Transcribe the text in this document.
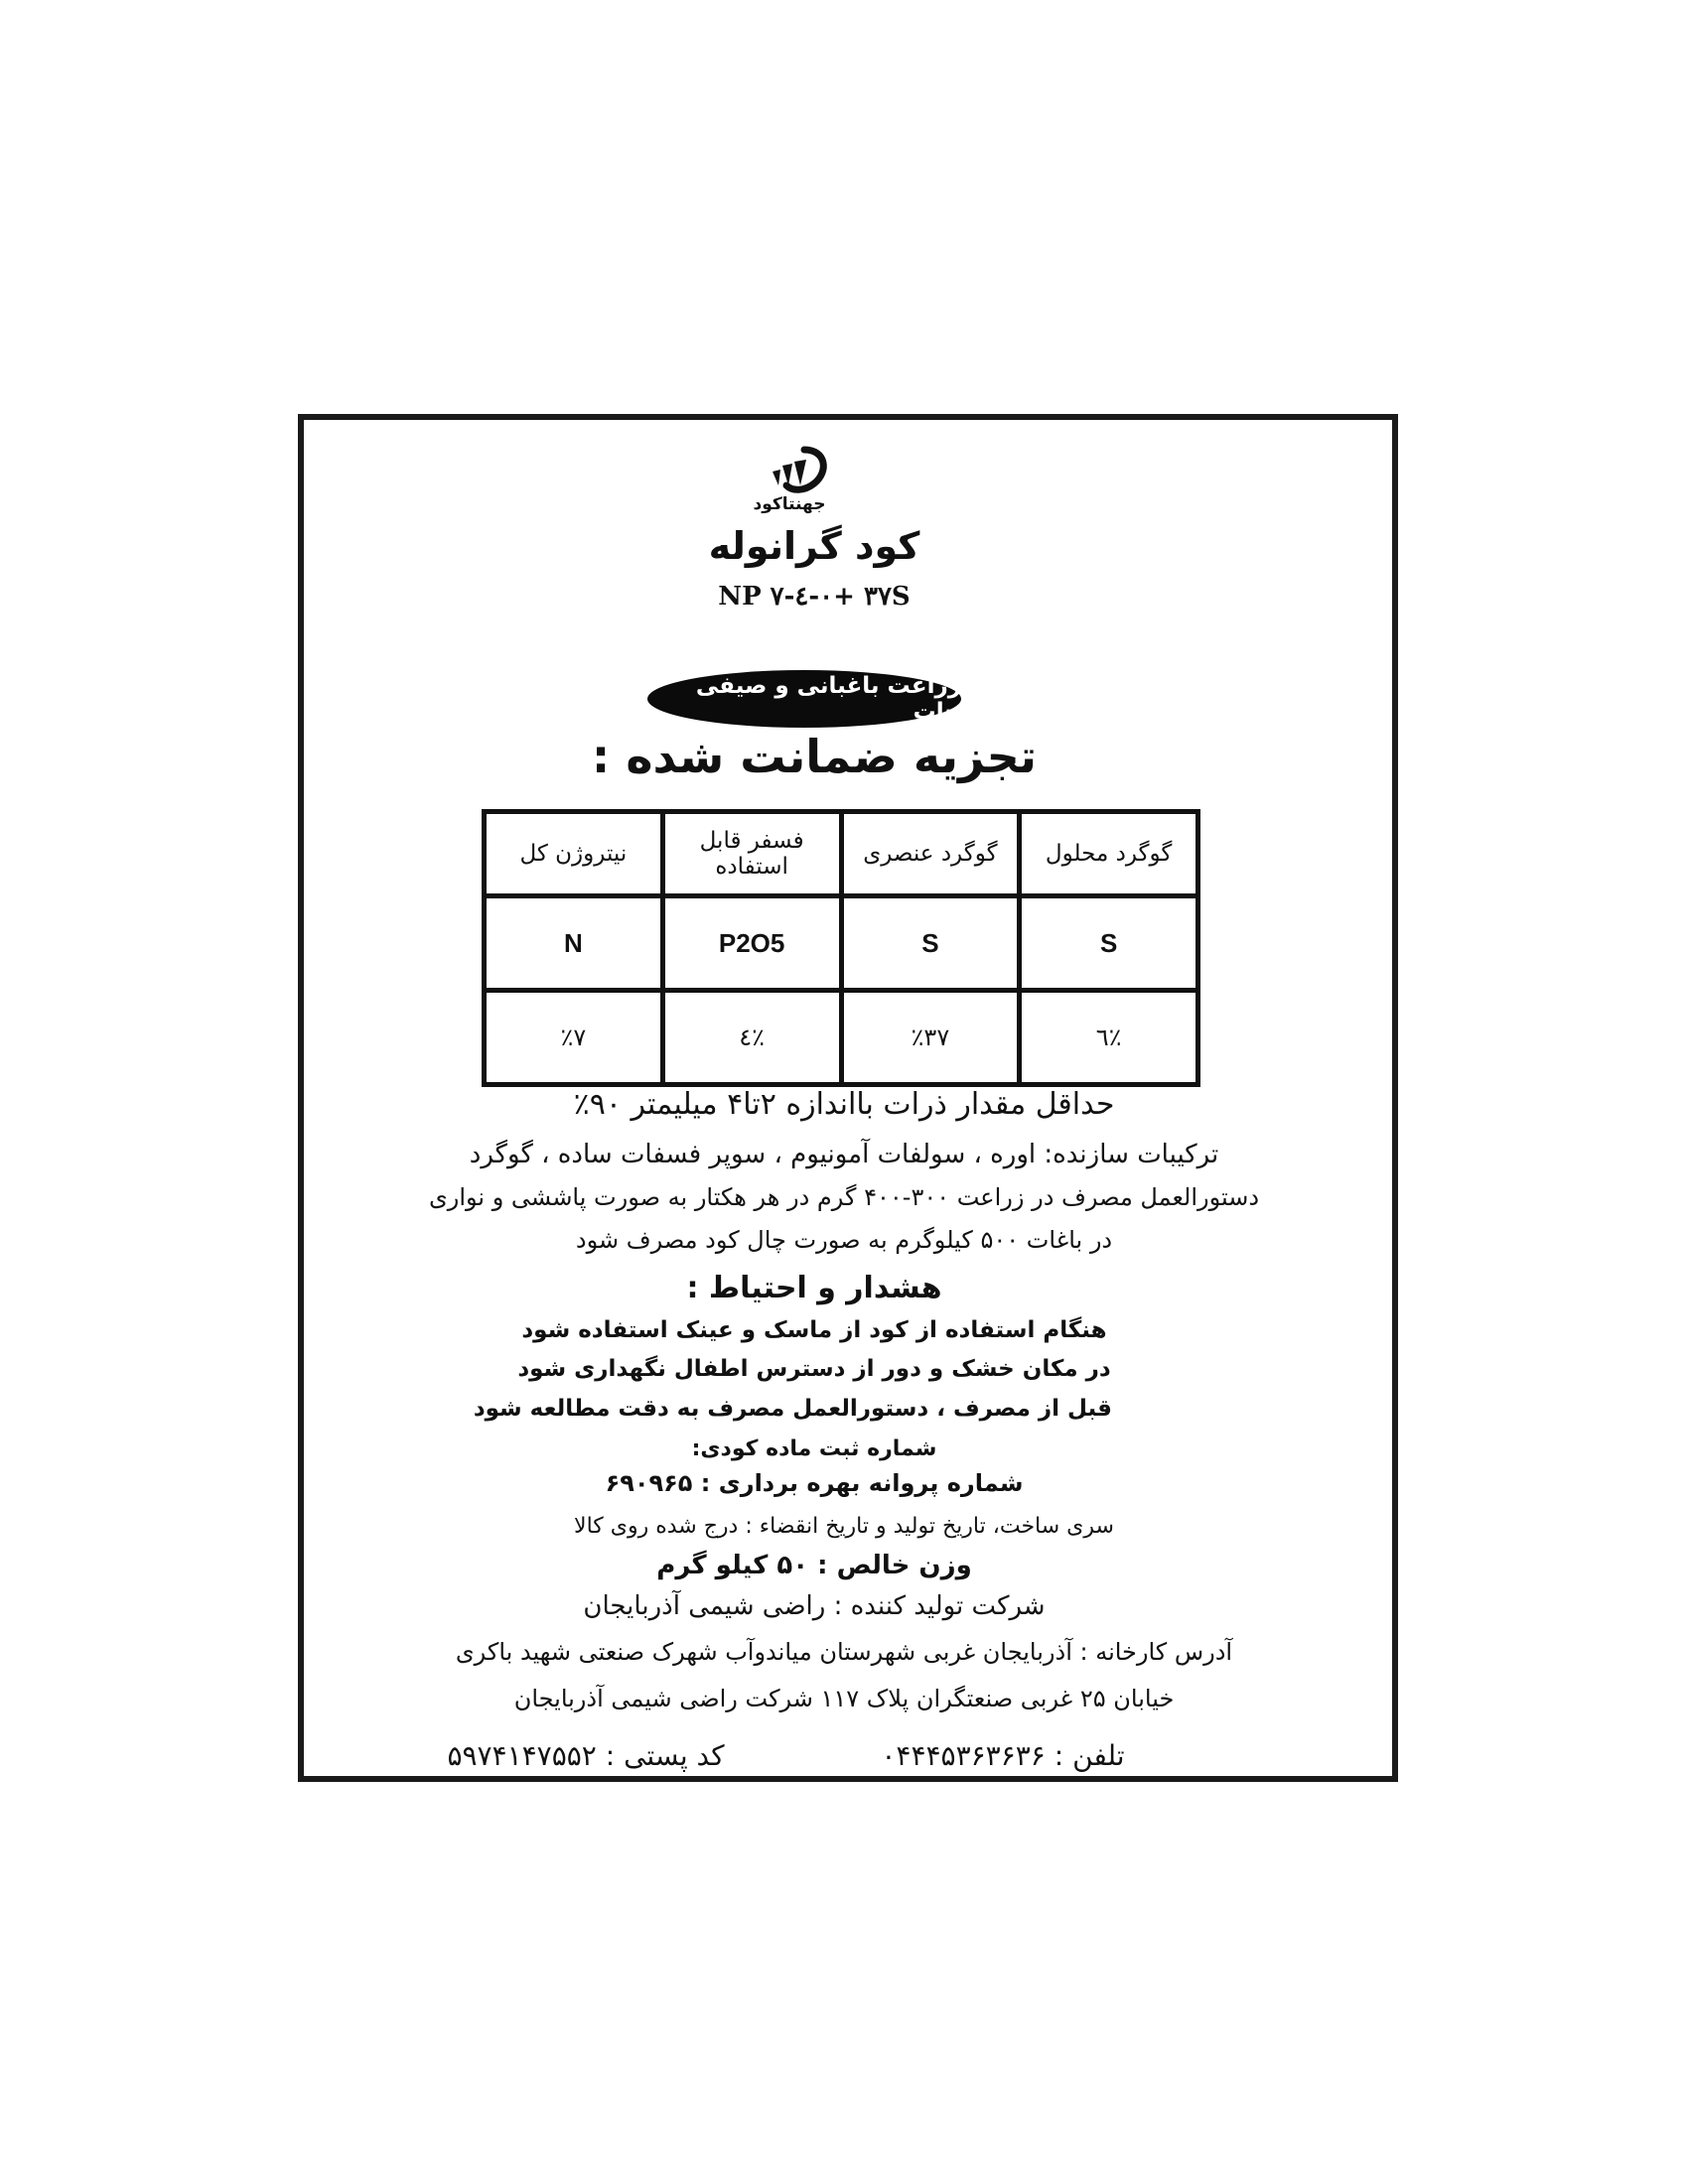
جهنتاکود
کود گرانوله
NP ۷-٤-۰+ ۳۷S
زراعت باغبانی و صیفی جات
تجزیه ضمانت شده :
گوگرد محلول	گوگرد عنصری	فسفر قابل استفاده	نیتروژن کل
S	S	P2O5	N
٪٦	٪۳۷	٪٤	٪۷
حداقل مقدار ذرات بااندازه ۲تا۴ میلیمتر ۹۰٪
ترکیبات سازنده: اوره ، سولفات آمونیوم ، سوپر فسفات ساده ، گوگرد
دستورالعمل مصرف در زراعت ۳۰۰-۴۰۰ گرم در هر هکتار به صورت پاششی و نواری
در باغات ۵۰۰ کیلوگرم به صورت چال کود مصرف شود
هشدار و احتیاط :
هنگام استفاده از کود از ماسک و عینک استفاده شود
در مکان خشک و دور از دسترس اطفال نگهداری شود
قبل از مصرف ، دستورالعمل مصرف به دقت مطالعه شود
شماره ثبت ماده کودی:
شماره پروانه بهره برداری : ۶۹۰۹۶۵
سری ساخت، تاریخ تولید و تاریخ انقضاء : درج شده روی کالا
وزن خالص : ۵۰ کیلو گرم
شرکت تولید کننده : راضی شیمی آذربایجان
آدرس کارخانه : آذربایجان غربی شهرستان میاندوآب شهرک صنعتی شهید باکری
خیابان ۲۵ غربی صنعتگران پلاک ۱۱۷ شرکت راضی شیمی آذربایجان
تلفن : ۰۴۴۴۵۳۶۳۶۳۶
کد پستی : ۵۹۷۴۱۴۷۵۵۲
